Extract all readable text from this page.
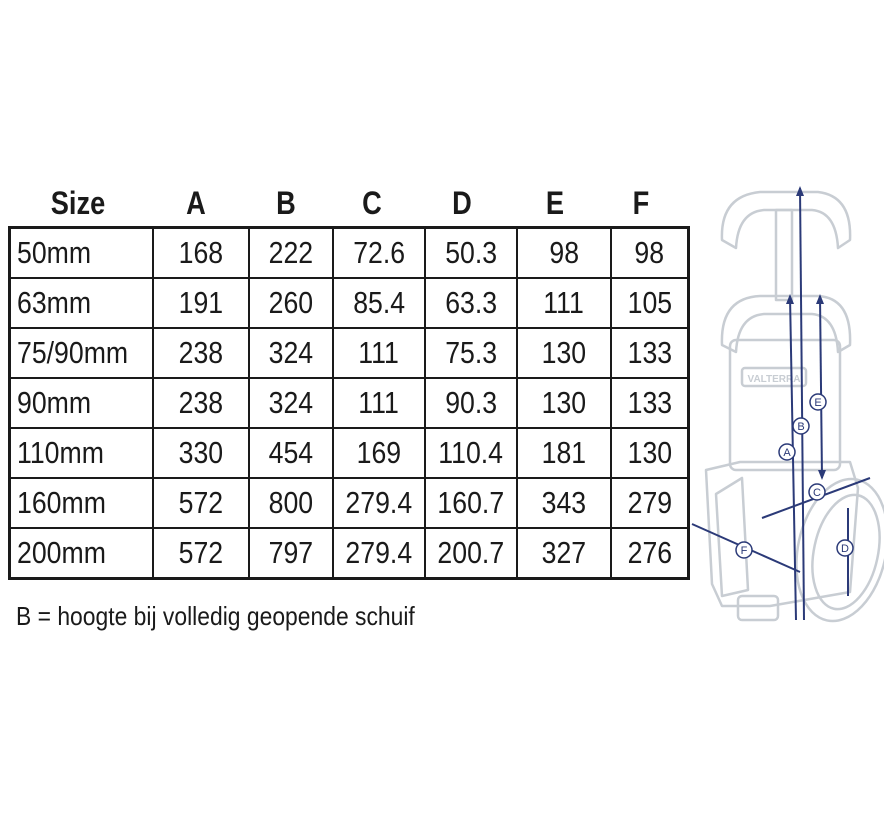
Size	A	B	C	D	E	F
50mm	168	222	72.6	50.3	98	98
63mm	191	260	85.4	63.3	111	105
75/90mm	238	324	111	75.3	130	133
90mm	238	324	111	90.3	130	133
110mm	330	454	169	110.4	181	130
160mm	572	800	279.4	160.7	343	279
200mm	572	797	279.4	200.7	327	276
B = hoogte bij volledig geopende schuif
VALTERRA
A
B
C
D
E
F
